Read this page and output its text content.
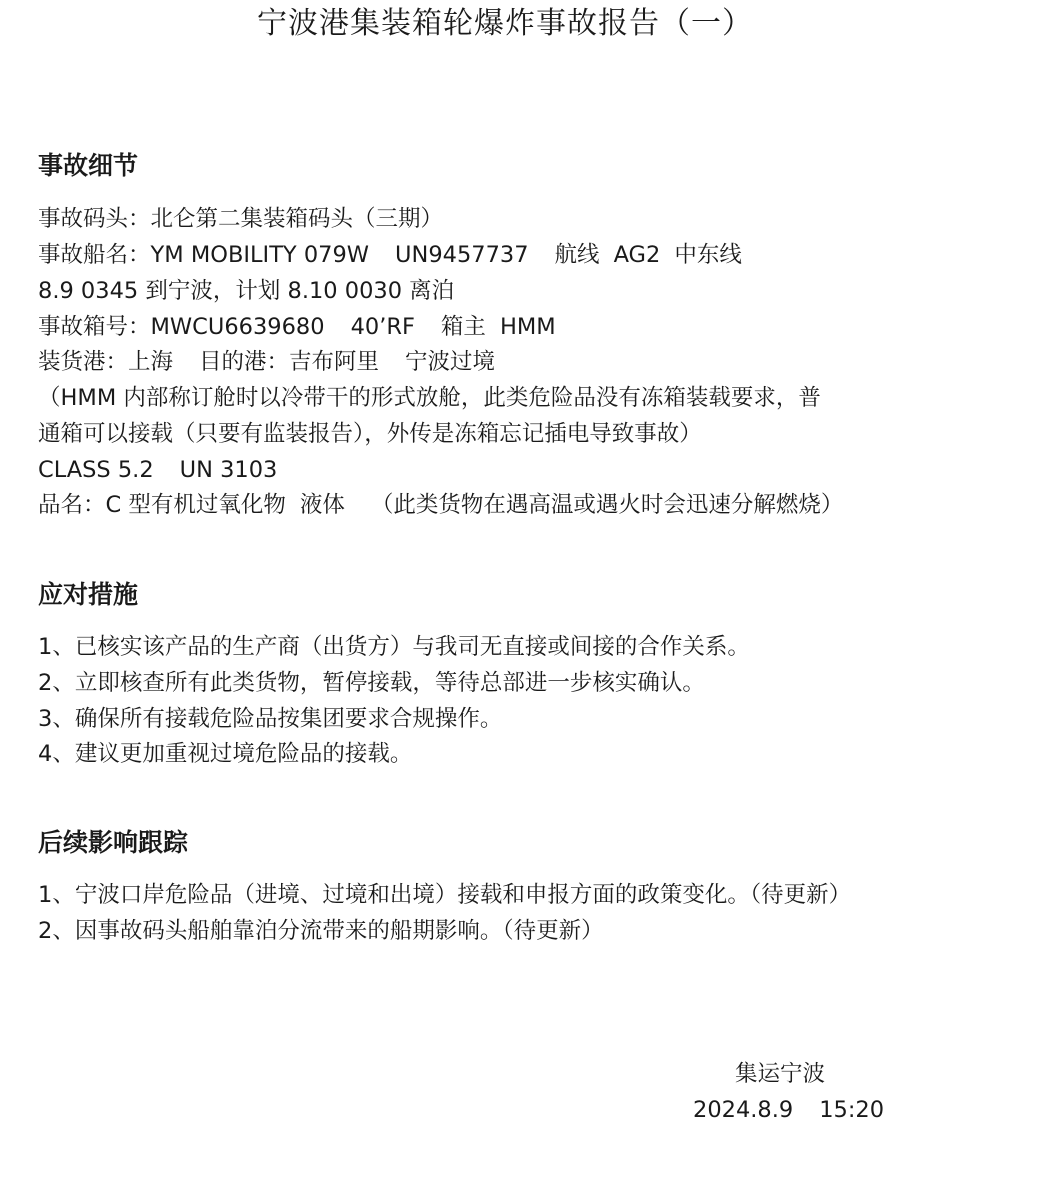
宁波港集装箱轮爆炸事故报告（一）
事故细节
事故码头：北仑第二集装箱码头（三期）
事故船名：YM MOBILITY 079W UN9457737 航线 AG2 中东线
8.9 0345 到宁波，计划 8.10 0030 离泊
事故箱号：MWCU6639680 40’RF 箱主 HMM
装货港：上海 目的港：吉布阿里 宁波过境
（HMM 内部称订舱时以冷带干的形式放舱，此类危险品没有冻箱装载要求，普
通箱可以接载（只要有监装报告），外传是冻箱忘记插电导致事故）
CLASS 5.2 UN 3103
品名：C 型有机过氧化物 液体 （此类货物在遇高温或遇火时会迅速分解燃烧）
应对措施
1、已核实该产品的生产商（出货方）与我司无直接或间接的合作关系。
2、立即核查所有此类货物，暂停接载，等待总部进一步核实确认。
3、确保所有接载危险品按集团要求合规操作。
4、建议更加重视过境危险品的接载。
后续影响跟踪
1、宁波口岸危险品（进境、过境和出境）接载和申报方面的政策变化。（待更新）
2、因事故码头船舶靠泊分流带来的船期影响。（待更新）
集运宁波
2024.8.9 15:20
